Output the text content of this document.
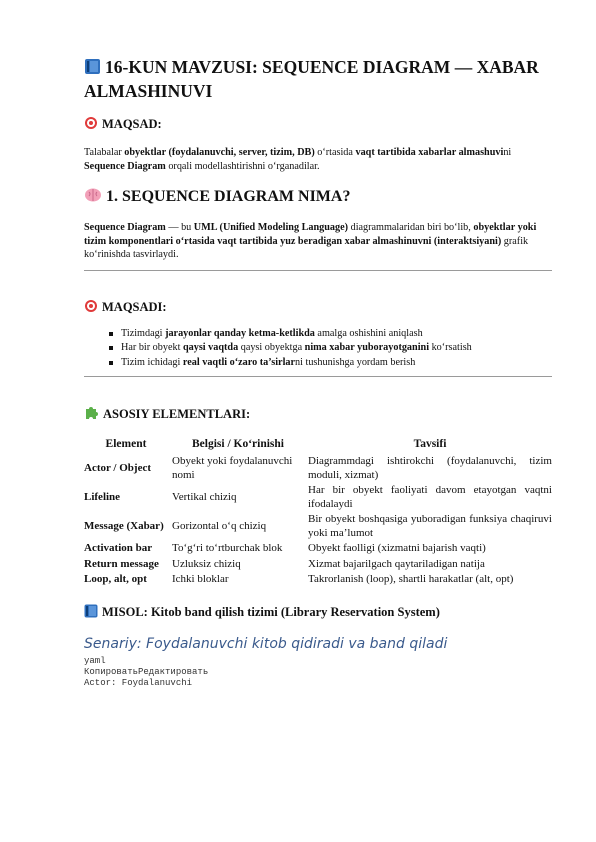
16-KUN MAVZUSI: SEQUENCE DIAGRAM — XABAR ALMASHINUVI
MAQSAD:

Talabalar obyektlar (foydalanuvchi, server, tizim, DB) o‘rtasida vaqt tartibida xabarlar almashuvini Sequence Diagram orqali modellashtirishni o‘rganadilar.

1. SEQUENCE DIAGRAM NIMA?

Sequence Diagram — bu UML (Unified Modeling Language) diagrammalaridan biri bo‘lib, obyektlar yoki tizim komponentlari o‘rtasida vaqt tartibida yuz beradigan xabar almashinuvni (interaktsiyani) grafik ko‘rinishda tasvirlaydi.

MAQSADI:
Tizimdagi jarayonlar qanday ketma-ketlikda amalga oshishini aniqlash
Har bir obyekt qaysi vaqtda qaysi obyektga nima xabar yuborayotganini ko‘rsatish
Tizim ichidagi real vaqtli o‘zaro ta’sirlarni tushunishga yordam berish
ASOSIY ELEMENTLARI:
Element	Belgisi / Ko‘rinishi	Tavsifi
Actor / Object	Obyekt yoki foydalanuvchi nomi	Diagrammdagi ishtirokchi (foydalanuvchi, tizim moduli, xizmat)
Lifeline	Vertikal chiziq	Har bir obyekt faoliyati davom etayotgan vaqtni ifodalaydi
Message (Xabar)	Gorizontal o‘q chiziq	Bir obyekt boshqasiga yuboradigan funksiya chaqiruvi yoki ma’lumot
Activation bar	To‘g‘ri to‘rtburchak blok	Obyekt faolligi (xizmatni bajarish vaqti)
Return message	Uzluksiz chiziq	Xizmat bajarilgach qaytariladigan natija
Loop, alt, opt	Ichki bloklar	Takrorlanish (loop), shartli harakatlar (alt, opt)
MISOL: Kitob band qilish tizimi (Library Reservation System)
Senariy: Foydalanuvchi kitob qidiradi va band qiladi
yaml
КопироватьРедактировать
Actor: Foydalanuvchi
